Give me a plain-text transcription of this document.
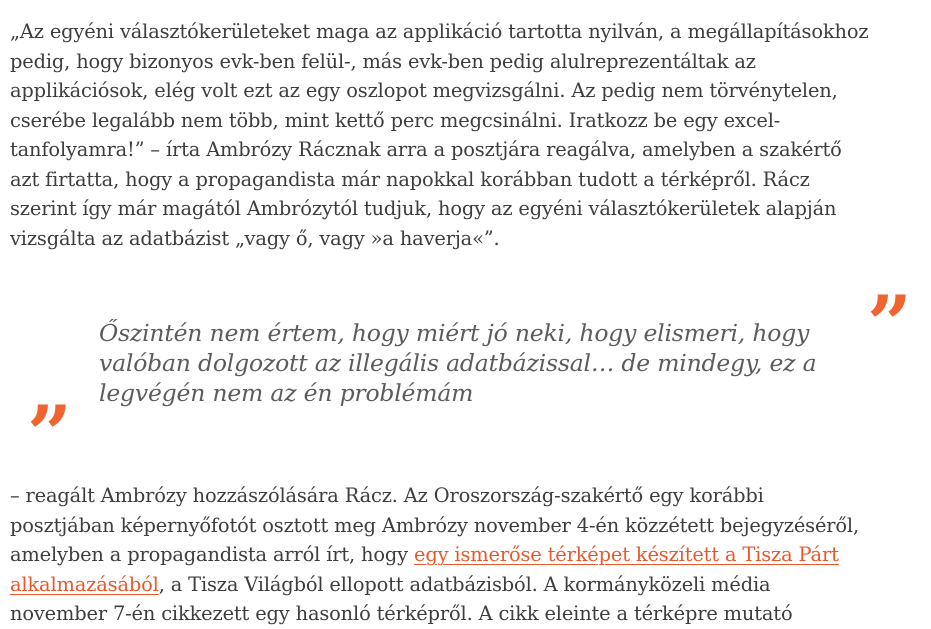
„Az egyéni választókerületeket maga az applikáció tartotta nyilván, a megállapításokhoz
pedig, hogy bizonyos evk-ben felül-, más evk-ben pedig alulreprezentáltak az
applikációsok, elég volt ezt az egy oszlopot megvizsgálni. Az pedig nem törvénytelen,
cserébe legalább nem több, mint kettő perc megcsinálni. Iratkozz be egy excel-
tanfolyamra!” – írta Ambrózy Rácznak arra a posztjára reagálva, amelyben a szakértő
azt firtatta, hogy a propagandista már napokkal korábban tudott a térképről. Rácz
szerint így már magától Ambrózytól tudjuk, hogy az egyéni választókerületek alapján
vizsgálta az adatbázist „vagy ő, vagy »a haverja«”.

”

Őszintén nem értem, hogy miért jó neki, hogy elismeri, hogy
valóban dolgozott az illegális adatbázissal… de mindegy, ez a
legvégén nem az én problémám

”

– reagált Ambrózy hozzászólására Rácz. Az Oroszország-szakértő egy korábbi
posztjában képernyőfotót osztott meg Ambrózy november 4-én közzétett bejegyzéséről,
amelyben a propagandista arról írt, hogy egy ismerőse térképet készített a Tisza Párt
alkalmazásából, a Tisza Világból ellopott adatbázisból. A kormányközeli média
november 7-én cikkezett egy hasonló térképről. A cikk eleinte a térképre mutató
